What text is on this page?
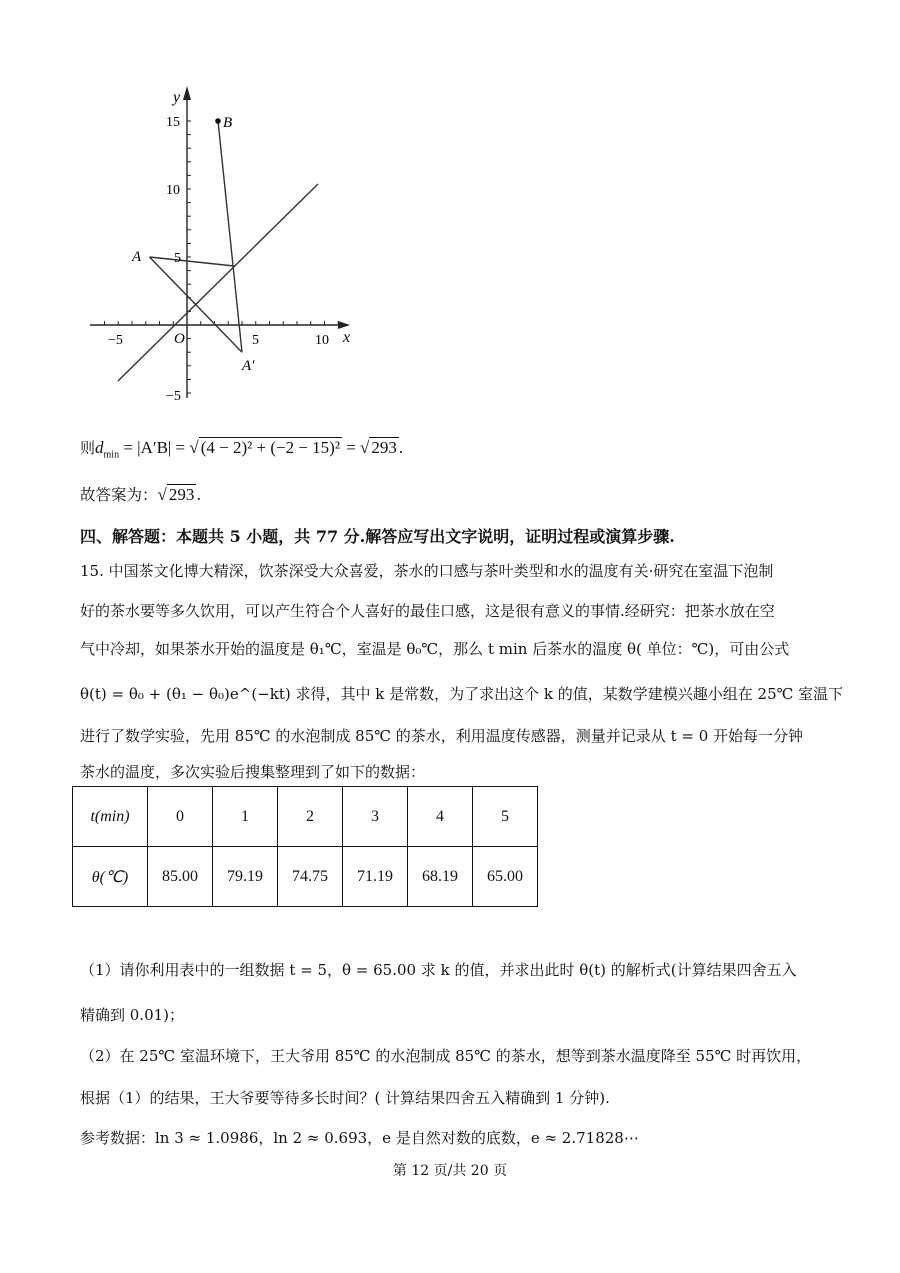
y
x
O
−5	5	10
15
10
5
−5
A
B
A′
则$d_{min} = |A'B|$ = √ (4 − 2)² + (−2 − 15)² = √ 293 .
故答案为：√ 293 .
四、解答题：本题共 5 小题，共 77 分.解答应写出文字说明，证明过程或演算步骤.
15. 中国茶文化博大精深，饮茶深受大众喜爱，茶水的口感与茶叶类型和水的温度有关·研究在室温下泡制
好的茶水要等多久饮用，可以产生符合个人喜好的最佳口感，这是很有意义的事情.经研究：把茶水放在空
气中冷却，如果茶水开始的温度是 θ₁℃，室温是 θ₀℃，那么 t min 后茶水的温度 θ( 单位：℃)，可由公式
θ(t) = θ₀ + (θ₁ − θ₀)e^(−kt) 求得，其中 k 是常数，为了求出这个 k 的值，某数学建模兴趣小组在 25℃ 室温下
进行了数学实验，先用 85℃ 的水泡制成 85℃ 的茶水，利用温度传感器，测量并记录从 t = 0 开始每一分钟
茶水的温度，多次实验后搜集整理到了如下的数据：
t(min)	0	1	2	3	4	5
θ(℃)	85.00	79.19	74.75	71.19	68.19	65.00
（1）请你利用表中的一组数据 t = 5，θ = 65.00 求 k 的值，并求出此时 θ(t) 的解析式(计算结果四舍五入
精确到 0.01)；
（2）在 25℃ 室温环境下，王大爷用 85℃ 的水泡制成 85℃ 的茶水，想等到茶水温度降至 55℃ 时再饮用，
根据（1）的结果，王大爷要等待多长时间？( 计算结果四舍五入精确到 1 分钟).
参考数据：ln 3 ≈ 1.0986，ln 2 ≈ 0.693，e 是自然对数的底数，e ≈ 2.71828⋯
第 12 页/共 20 页
